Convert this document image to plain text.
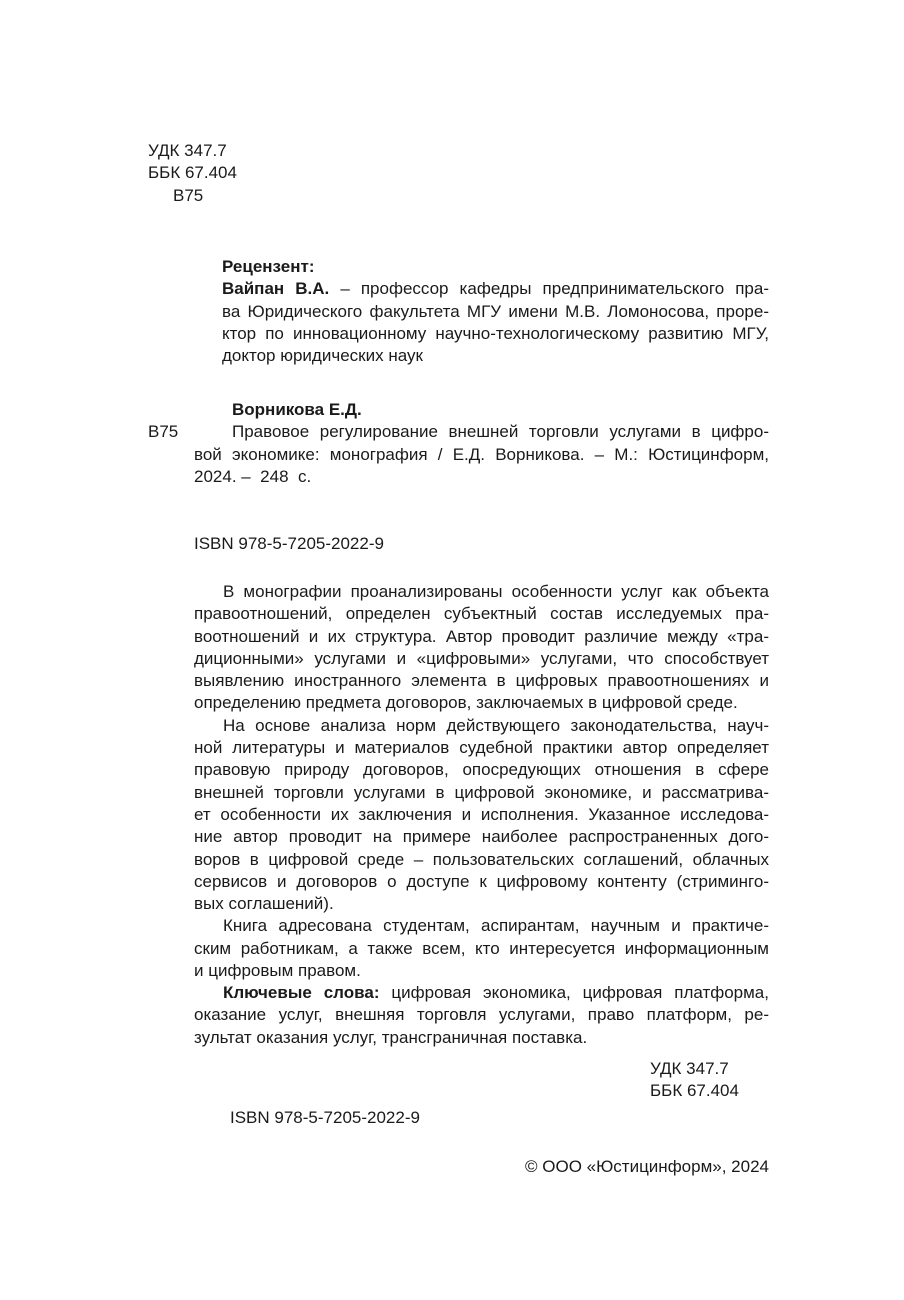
УДК 347.7
ББК 67.404
В75
Рецензент:
Вайпан В.А. – профессор кафедры предпринимательского пра-
ва Юридического факультета МГУ имени М.В. Ломоносова, проре-
ктор по инновационному научно-технологическому развитию МГУ,
доктор юридических наук
Ворникова Е.Д.
В75	Правовое регулирование внешней торговли услугами в цифро-
вой экономике: монография / Е.Д. Ворникова. – М.: Юстицинформ,
2024. –  248  с.
ISBN 978-5-7205-2022-9
В монографии проанализированы особенности услуг как объекта
правоотношений, определен субъектный состав исследуемых пра-
воотношений и их структура. Автор проводит различие между «тра-
диционными» услугами и «цифровыми» услугами, что способствует
выявлению иностранного элемента в цифровых правоотношениях и
определению предмета договоров, заключаемых в цифровой среде.
На основе анализа норм действующего законодательства, науч-
ной литературы и материалов судебной практики автор определяет
правовую природу договоров, опосредующих отношения в сфере
внешней торговли услугами в цифровой экономике, и рассматрива-
ет особенности их заключения и исполнения. Указанное исследова-
ние автор проводит на примере наиболее распространенных дого-
воров в цифровой среде – пользовательских соглашений, облачных
сервисов и договоров о доступе к цифровому контенту (стриминго-
вых соглашений).
Книга адресована студентам, аспирантам, научным и практиче-
ским работникам, а также всем, кто интересуется информационным
и цифровым правом.
Ключевые слова: цифровая экономика, цифровая платформа,
оказание услуг, внешняя торговля услугами, право платформ, ре-
зультат оказания услуг, трансграничная поставка.
УДК 347.7
ББК 67.404
ISBN 978-5-7205-2022-9
© ООО «Юстицинформ», 2024
